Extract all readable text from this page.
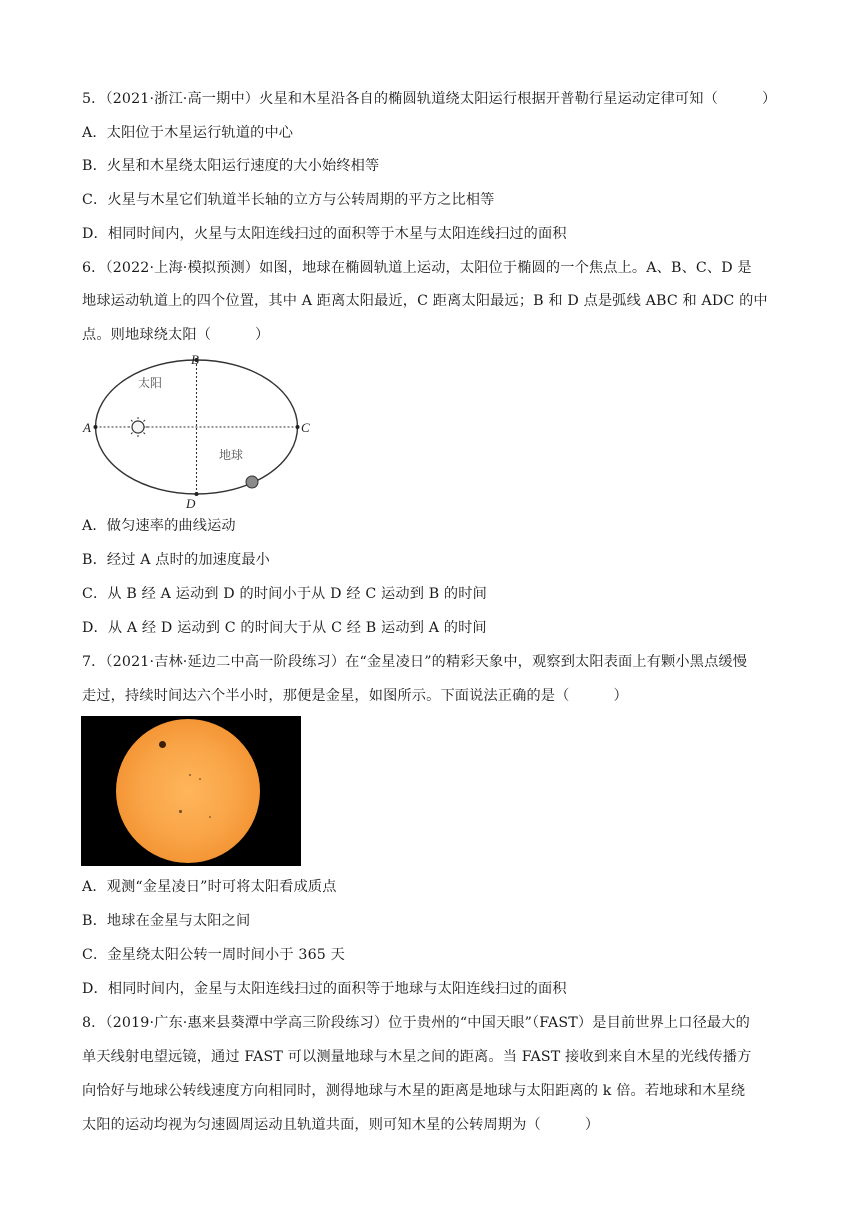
5．（2021·浙江·高一期中）火星和木星沿各自的椭圆轨道绕太阳运行根据开普勒行星运动定律可知（	）
A．太阳位于木星运行轨道的中心
B．火星和木星绕太阳运行速度的大小始终相等
C．火星与木星它们轨道半长轴的立方与公转周期的平方之比相等
D．相同时间内，火星与太阳连线扫过的面积等于木星与太阳连线扫过的面积
6．（2022·上海·模拟预测）如图，地球在椭圆轨道上运动，太阳位于椭圆的一个焦点上。A、B、C、D 是
地球运动轨道上的四个位置，其中 A 距离太阳最近，C 距离太阳最远；B 和 D 点是弧线 ABC 和 ADC 的中
点。则地球绕太阳（	）
太阳
地球
A
B
C
D
A．做匀速率的曲线运动
B．经过 A 点时的加速度最小
C．从 B 经 A 运动到 D 的时间小于从 D 经 C 运动到 B 的时间
D．从 A 经 D 运动到 C 的时间大于从 C 经 B 运动到 A 的时间
7．（2021·吉林·延边二中高一阶段练习）在“金星凌日”的精彩天象中，观察到太阳表面上有颗小黑点缓慢
走过，持续时间达六个半小时，那便是金星，如图所示。下面说法正确的是（	）
A．观测“金星凌日”时可将太阳看成质点
B．地球在金星与太阳之间
C．金星绕太阳公转一周时间小于 365 天
D．相同时间内，金星与太阳连线扫过的面积等于地球与太阳连线扫过的面积
8．（2019·广东·惠来县葵潭中学高三阶段练习）位于贵州的“中国天眼”（FAST）是目前世界上口径最大的
单天线射电望远镜，通过 FAST 可以测量地球与木星之间的距离。当 FAST 接收到来自木星的光线传播方
向恰好与地球公转线速度方向相同时，测得地球与木星的距离是地球与太阳距离的 k 倍。若地球和木星绕
太阳的运动均视为匀速圆周运动且轨道共面，则可知木星的公转周期为（	）
